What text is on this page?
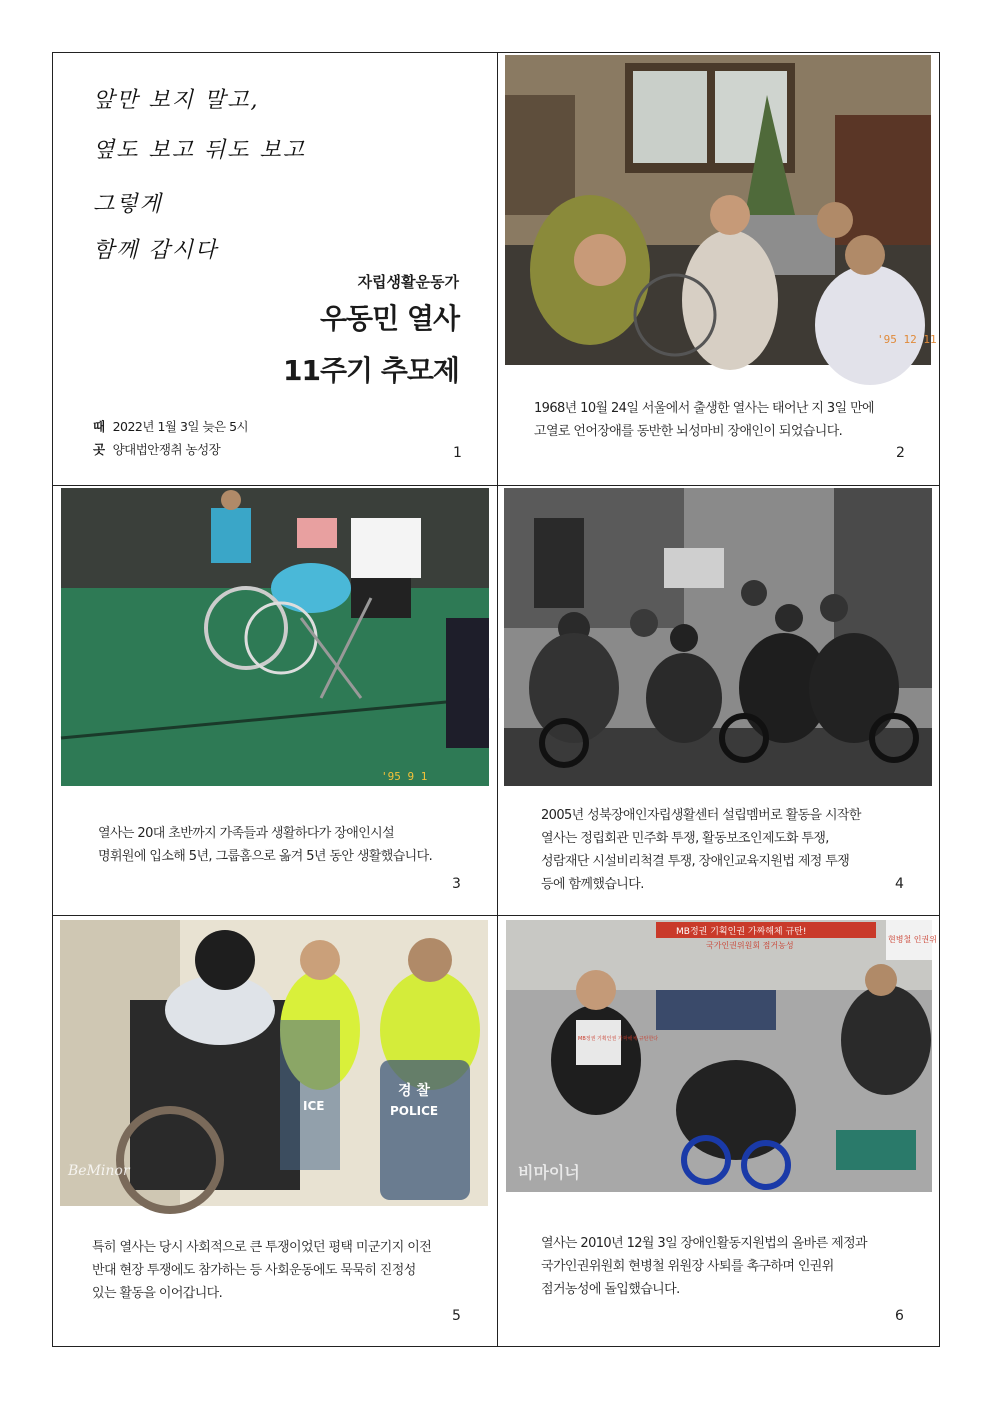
앞만 보지 말고,
옆도 보고 뒤도 보고
그렇게
함께 갑시다
자립생활운동가
우동민 열사
11주기 추모제
때 2022년 1월 3일 늦은 5시
곳 양대법안쟁취 농성장	1
'95 12 11
1968년 10월 24일 서울에서 출생한 열사는 태어난 지 3일 만에
고열로 언어장애를 동반한 뇌성마비 장애인이 되었습니다.
2
'95 9 1
열사는 20대 초반까지 가족들과 생활하다가 장애인시설
명휘원에 입소해 5년, 그룹홈으로 옮겨 5년 동안 생활했습니다.
3
2005년 성북장애인자립생활센터 설립멤버로 활동을 시작한
열사는 정립회관 민주화 투쟁, 활동보조인제도화 투쟁,
성람재단 시설비리척결 투쟁, 장애인교육지원법 제정 투쟁
등에 함께했습니다.	4
경 찰
POLICE
ICE
BeMinor
특히 열사는 당시 사회적으로 큰 투쟁이었던 평택 미군기지 이전
반대 현장 투쟁에도 참가하는 등 사회운동에도 묵묵히 진정성
있는 활동을 이어갑니다.
5
MB정권 기획인권 가짜해체 규탄!
국가인권위원회 점거농성
현병철 인권위
MB정권 기획인권 가짜해체 규탄한다
비마이너
열사는 2010년 12월 3일 장애인활동지원법의 올바른 제정과
국가인권위원회 현병철 위원장 사퇴를 촉구하며 인권위
점거농성에 돌입했습니다.
6
